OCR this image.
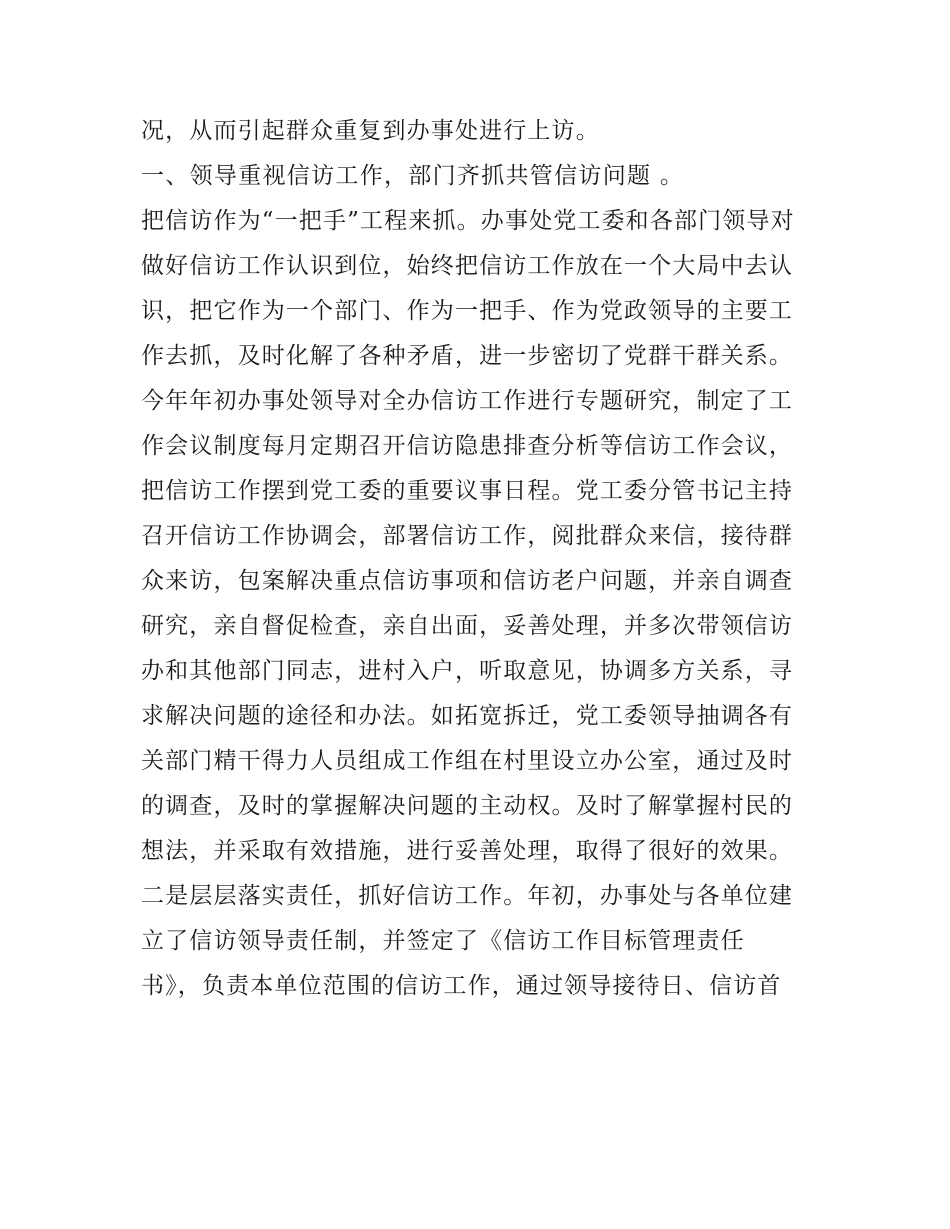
况，从而引起群众重复到办事处进行上访。
一、领导重视信访工作，部门齐抓共管信访问题 。
把信访作为“一把手”工程来抓。办事处党工委和各部门领导对
做好信访工作认识到位，始终把信访工作放在一个大局中去认
识，把它作为一个部门、作为一把手、作为党政领导的主要工
作去抓，及时化解了各种矛盾，进一步密切了党群干群关系。
今年年初办事处领导对全办信访工作进行专题研究，制定了工
作会议制度每月定期召开信访隐患排查分析等信访工作会议，
把信访工作摆到党工委的重要议事日程。党工委分管书记主持
召开信访工作协调会，部署信访工作，阅批群众来信，接待群
众来访，包案解决重点信访事项和信访老户问题，并亲自调查
研究，亲自督促检查，亲自出面，妥善处理，并多次带领信访
办和其他部门同志，进村入户，听取意见，协调多方关系，寻
求解决问题的途径和办法。如拓宽拆迁，党工委领导抽调各有
关部门精干得力人员组成工作组在村里设立办公室，通过及时
的调查，及时的掌握解决问题的主动权。及时了解掌握村民的
想法，并采取有效措施，进行妥善处理，取得了很好的效果。
二是层层落实责任，抓好信访工作。年初，办事处与各单位建
立了信访领导责任制，并签定了《信访工作目标管理责任
书》，负责本单位范围的信访工作，通过领导接待日、信访首
